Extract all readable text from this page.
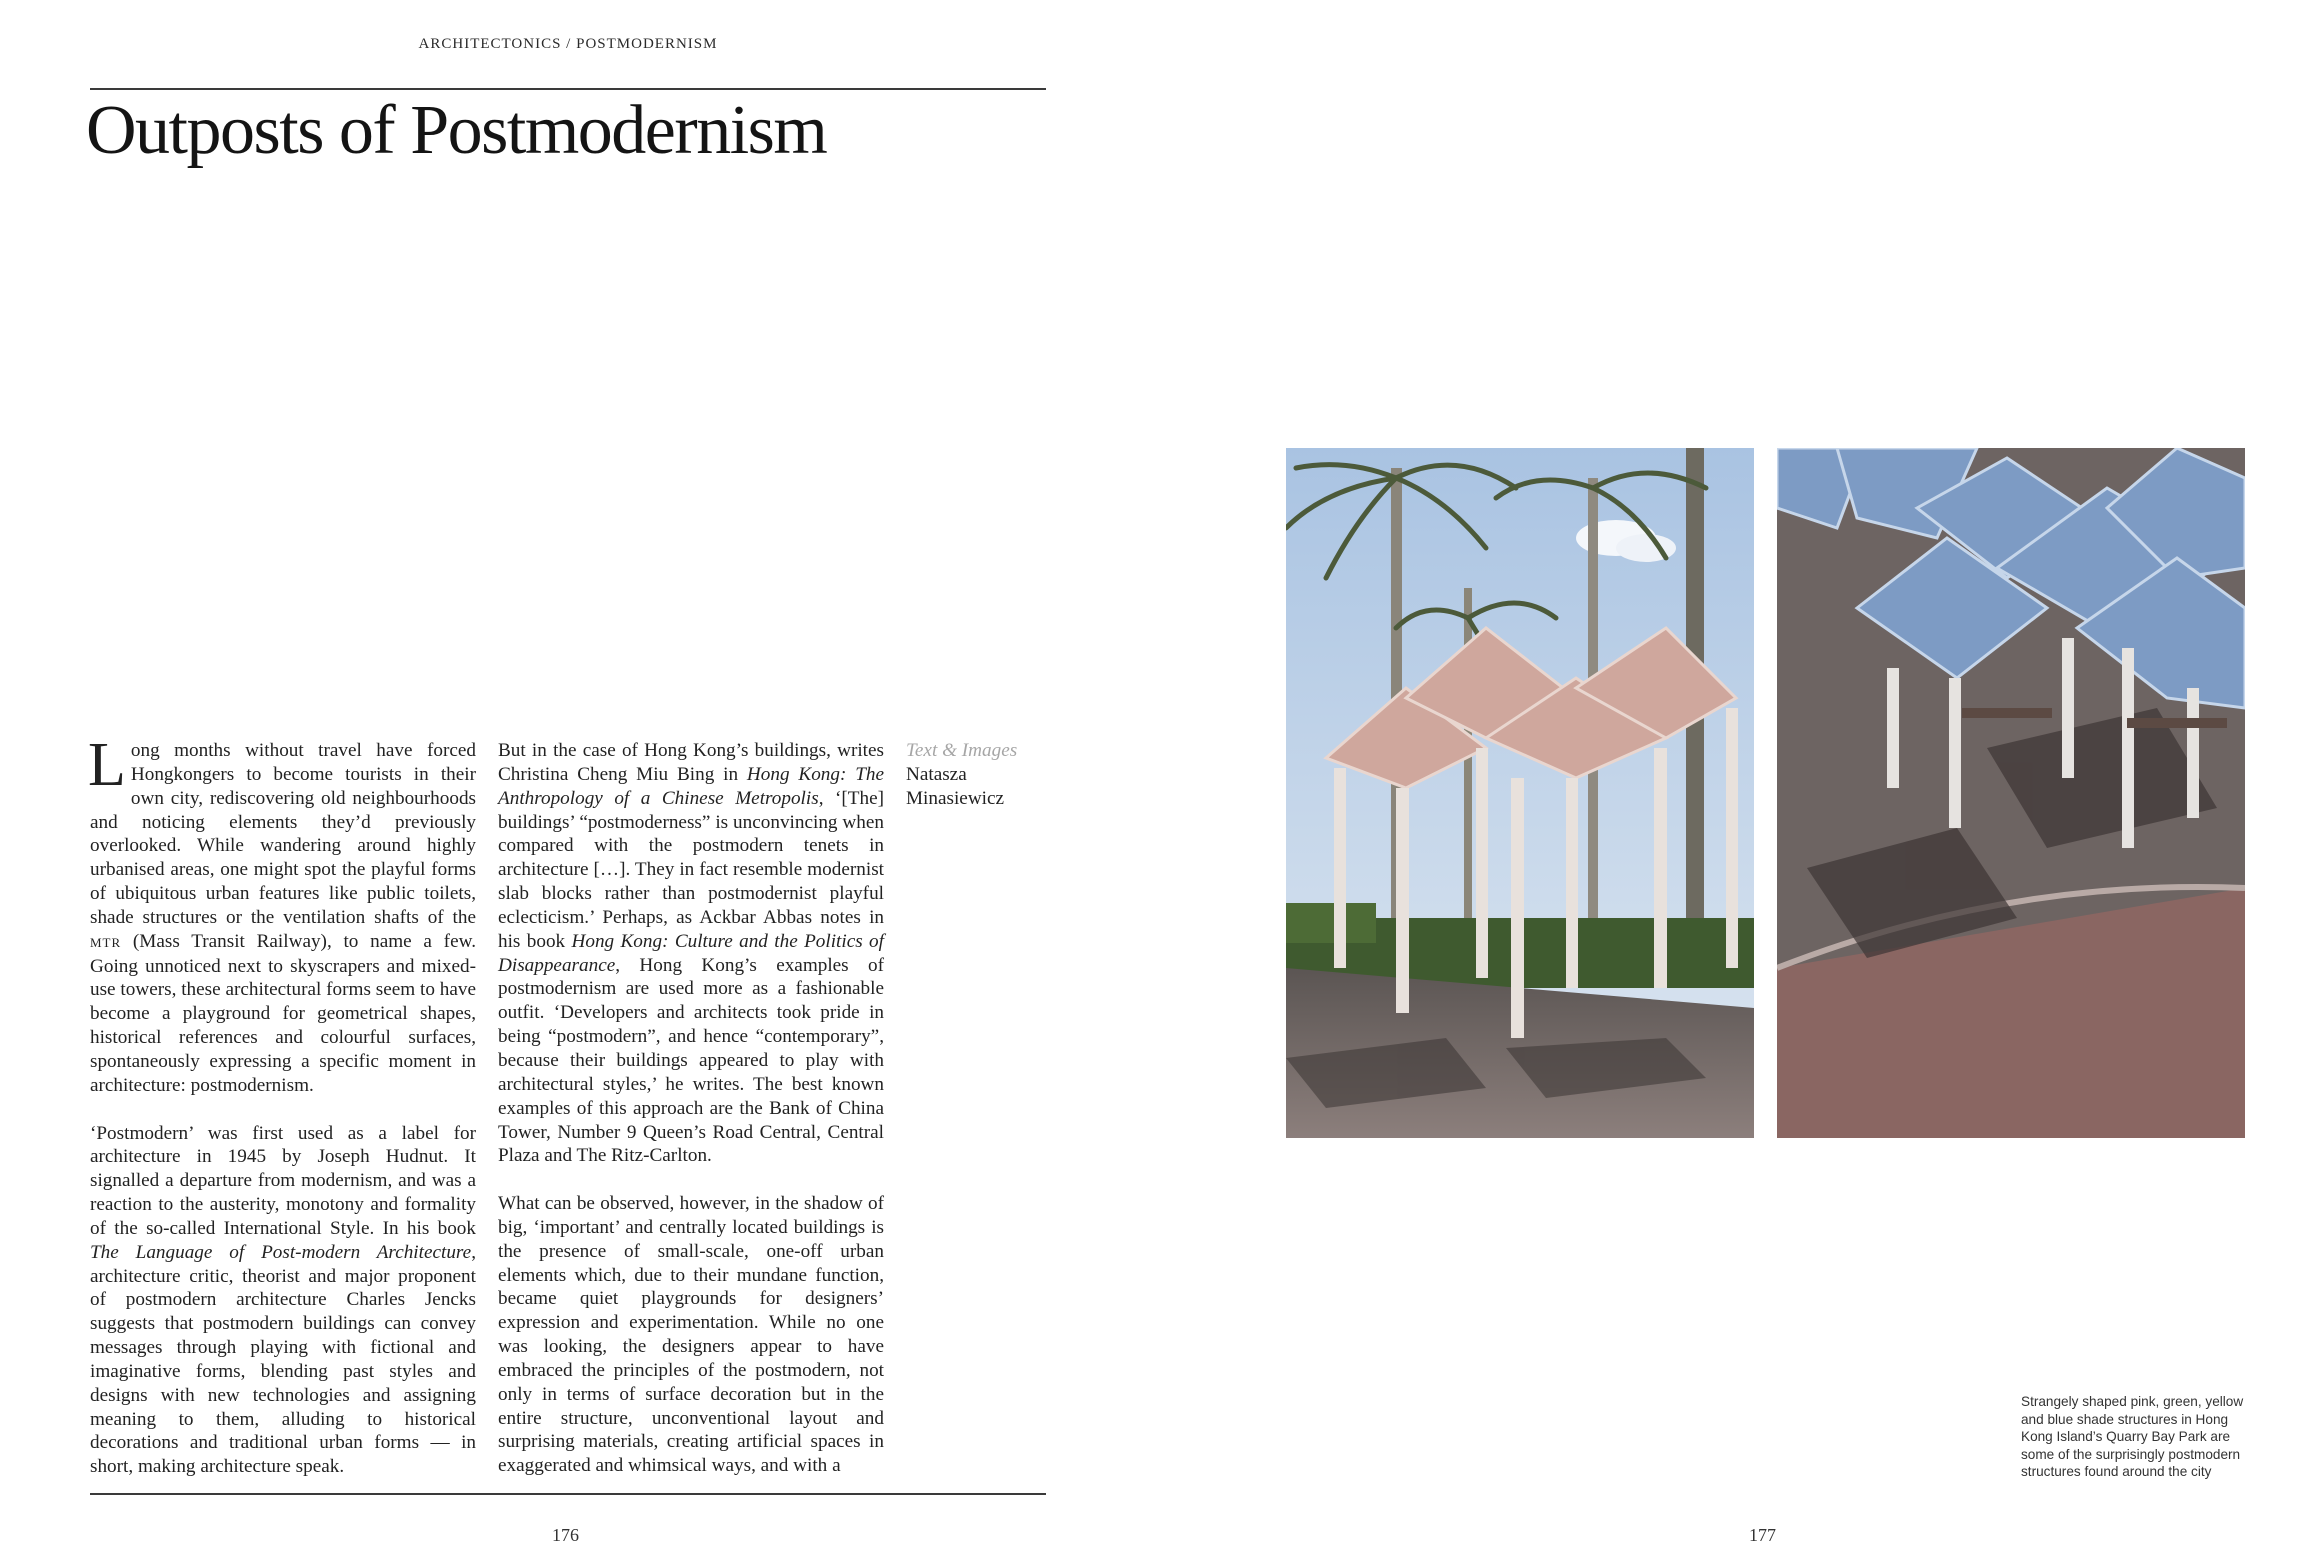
ARCHITECTONICS / POSTMODERNISM
Outposts of Postmodernism

Long months without travel have forced Hongkongers to become tourists in their own city, rediscovering old neighbourhoods and noticing elements they’d previously overlooked. While wandering around highly urbanised areas, one might spot the playful forms of ubiquitous urban features like public toilets, shade structures or the ventilation shafts of the MTR (Mass Transit Railway), to name a few. Going unnoticed next to skyscrapers and mixed-use towers, these architectural forms seem to have become a playground for geometrical shapes, historical references and colourful surfaces, spontaneously expressing a specific moment in architecture: postmodernism.

‘Postmodern’ was first used as a label for architecture in 1945 by Joseph Hudnut. It signalled a departure from modernism, and was a reaction to the austerity, monotony and formality of the so-called International Style. In his book The Language of Post-modern Architecture, architecture critic, theorist and major proponent of postmodern architecture Charles Jencks suggests that postmodern buildings can convey messages through playing with fictional and imaginative forms, blending past styles and designs with new technologies and assigning meaning to them, alluding to historical decorations and traditional urban forms — in short, making architecture speak.

But in the case of Hong Kong’s buildings, writes Christina Cheng Miu Bing in Hong Kong: The Anthropology of a Chinese Metropolis, ‘[The] buildings’ “postmoderness” is unconvincing when compared with the postmodern tenets in architecture […]. They in fact resemble modernist slab blocks rather than postmodernist playful eclecticism.’ Perhaps, as Ackbar Abbas notes in his book Hong Kong: Culture and the Politics of Disappearance, Hong Kong’s examples of postmodernism are used more as a fashionable outfit. ‘Developers and architects took pride in being “postmodern”, and hence “contemporary”, because their buildings appeared to play with architectural styles,’ he writes. The best known examples of this approach are the Bank of China Tower, Number 9 Queen’s Road Central, Central Plaza and The Ritz-Carlton.

What can be observed, however, in the shadow of big, ‘important’ and centrally located buildings is the presence of small-scale, one-off urban elements which, due to their mundane function, became quiet playgrounds for designers’ expression and experimentation. While no one was looking, the designers appear to have embraced the principles of the postmodern, not only in terms of surface decoration but in the entire structure, unconventional layout and surprising materials, creating artificial spaces in exaggerated and whimsical ways, and with a

Text & Images
Natasza Minasiewicz
176
Strangely shaped pink, green, yellow and blue shade structures in Hong Kong Island’s Quarry Bay Park are some of the surprisingly postmodern structures found around the city
177
